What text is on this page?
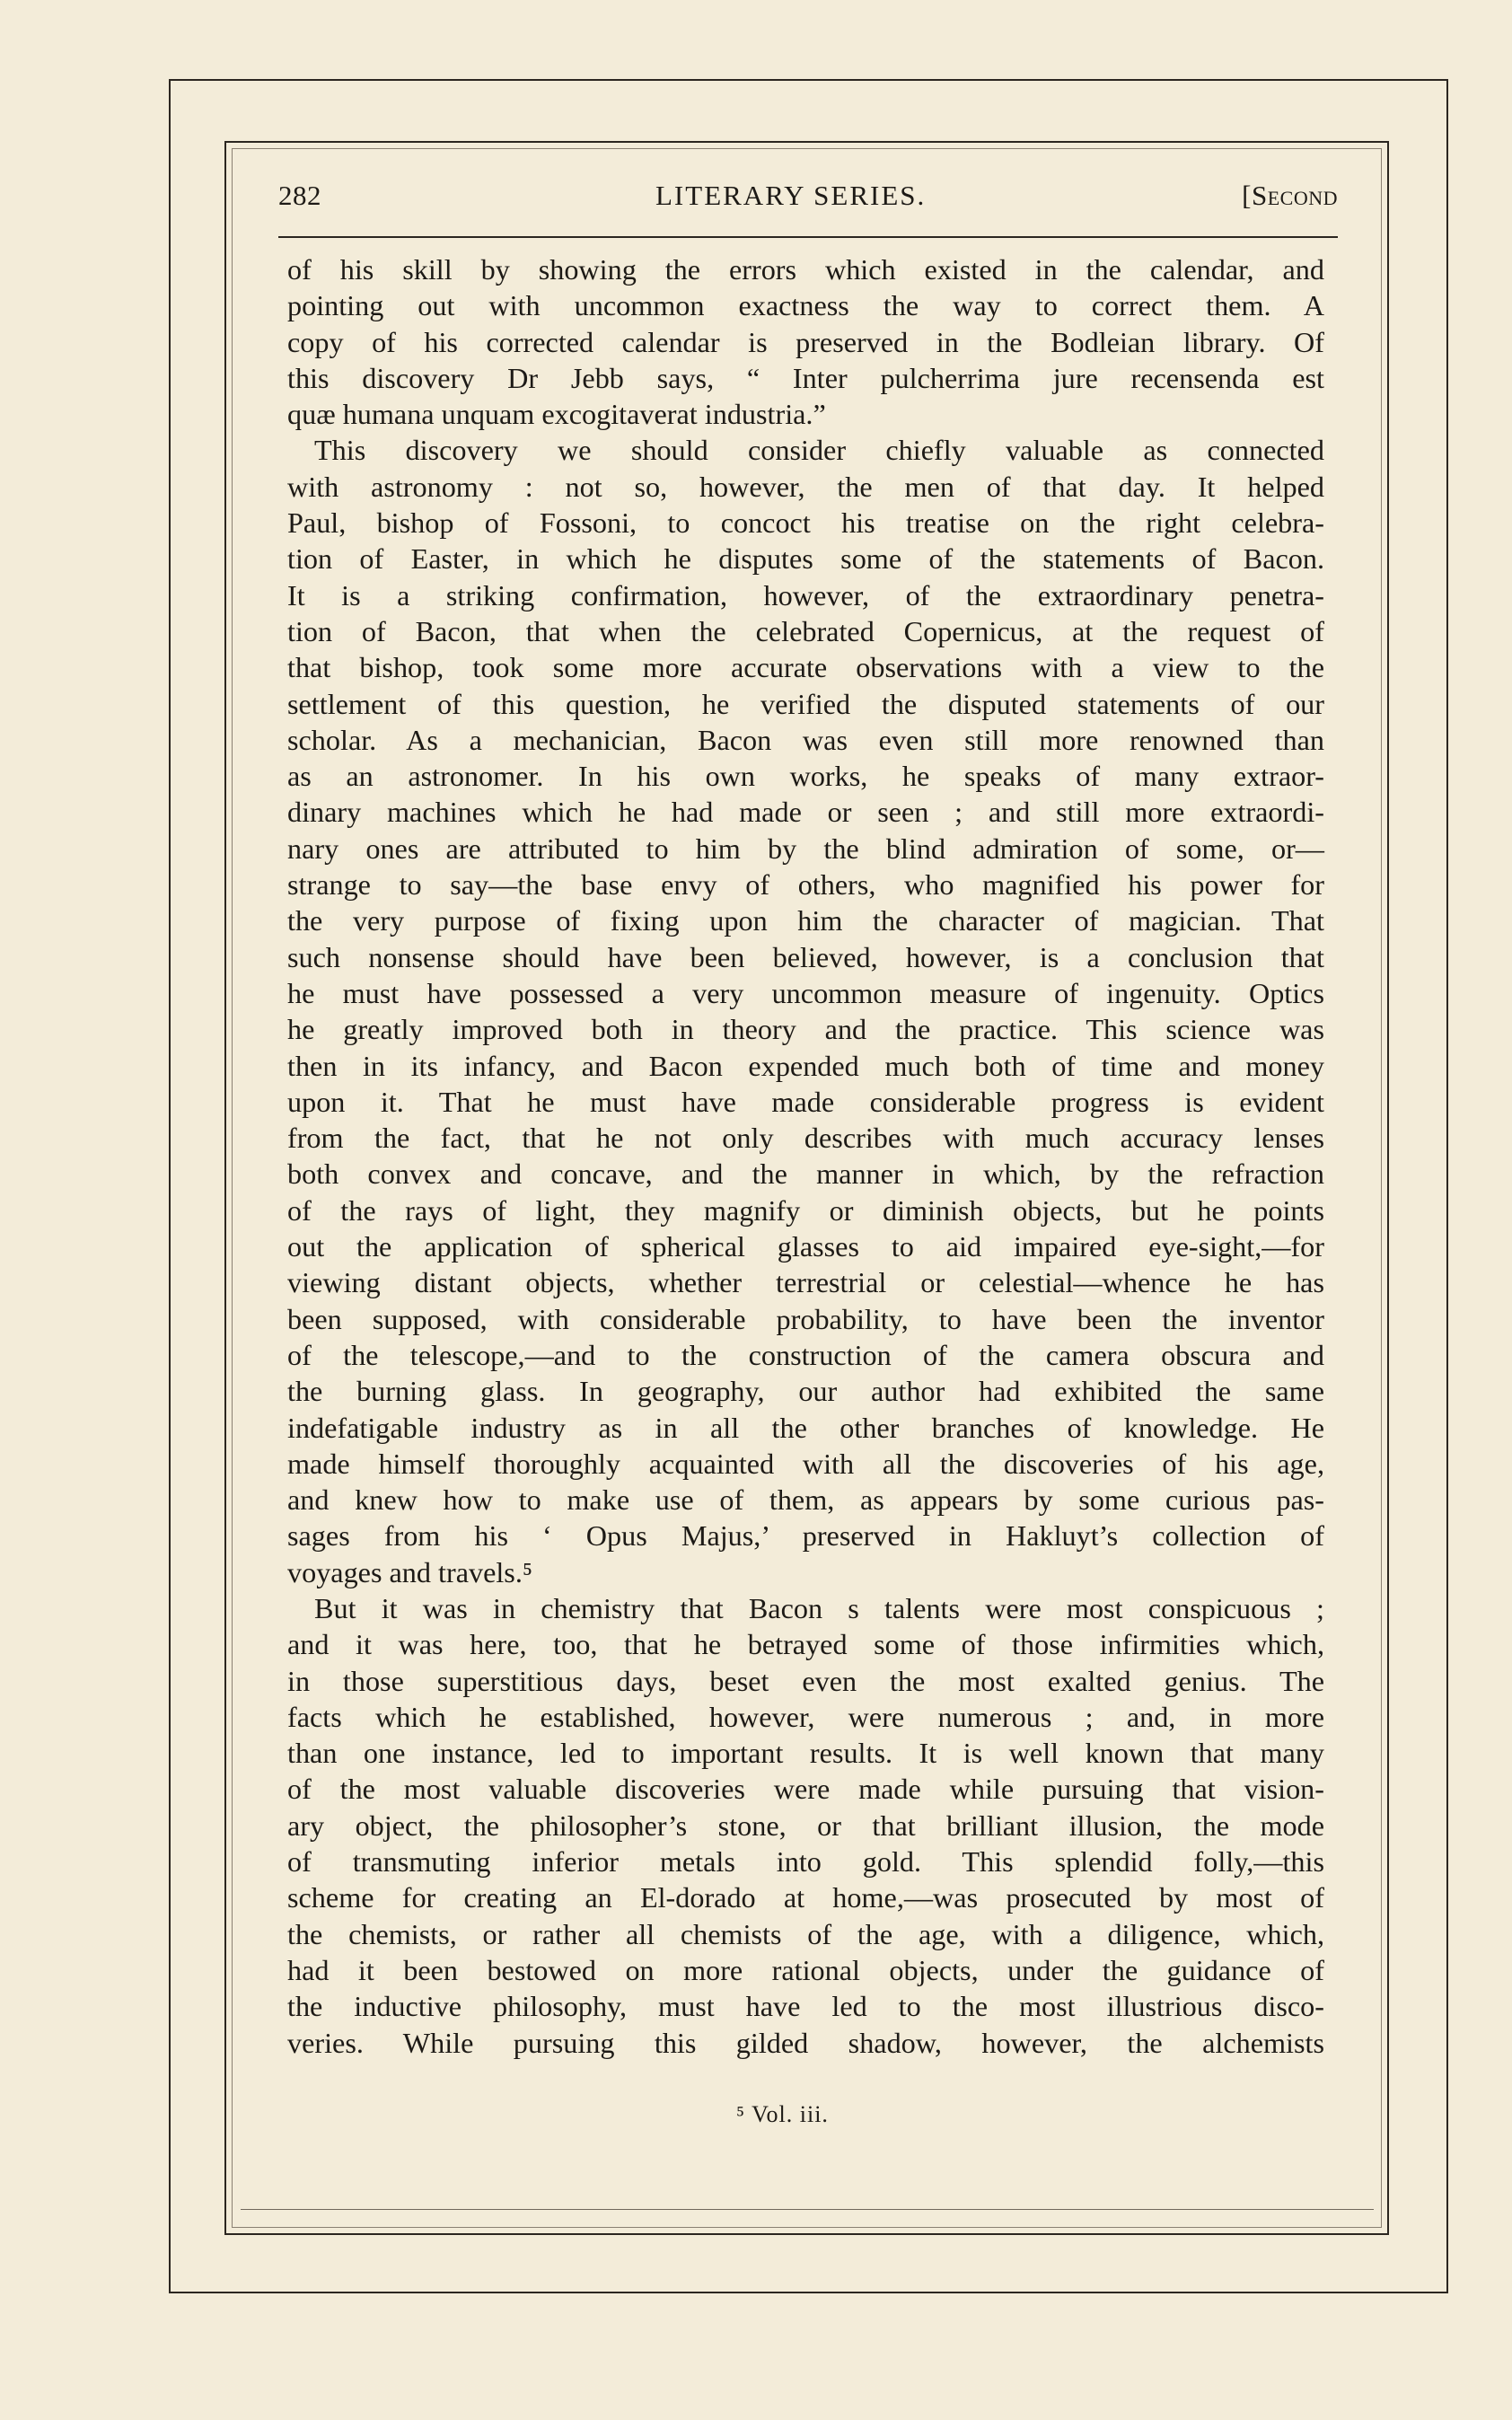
282	LITERARY SERIES.	[Second
of his skill by showing the errors which existed in the calendar, and
pointing out with uncommon exactness the way to correct them. A
copy of his corrected calendar is preserved in the Bodleian library. Of
this discovery Dr Jebb says, “ Inter pulcherrima jure recensenda est
quæ humana unquam excogitaverat industria.”
This discovery we should consider chiefly valuable as connected
with astronomy : not so, however, the men of that day. It helped
Paul, bishop of Fossoni, to concoct his treatise on the right celebra-
tion of Easter, in which he disputes some of the statements of Bacon.
It is a striking confirmation, however, of the extraordinary penetra-
tion of Bacon, that when the celebrated Copernicus, at the request of
that bishop, took some more accurate observations with a view to the
settlement of this question, he verified the disputed statements of our
scholar. As a mechanician, Bacon was even still more renowned than
as an astronomer. In his own works, he speaks of many extraor-
dinary machines which he had made or seen ; and still more extraordi-
nary ones are attributed to him by the blind admiration of some, or—
strange to say—the base envy of others, who magnified his power for
the very purpose of fixing upon him the character of magician. That
such nonsense should have been believed, however, is a conclusion that
he must have possessed a very uncommon measure of ingenuity. Optics
he greatly improved both in theory and the practice. This science was
then in its infancy, and Bacon expended much both of time and money
upon it. That he must have made considerable progress is evident
from the fact, that he not only describes with much accuracy lenses
both convex and concave, and the manner in which, by the refraction
of the rays of light, they magnify or diminish objects, but he points
out the application of spherical glasses to aid impaired eye-sight,—for
viewing distant objects, whether terrestrial or celestial—whence he has
been supposed, with considerable probability, to have been the inventor
of the telescope,—and to the construction of the camera obscura and
the burning glass. In geography, our author had exhibited the same
indefatigable industry as in all the other branches of knowledge. He
made himself thoroughly acquainted with all the discoveries of his age,
and knew how to make use of them, as appears by some curious pas-
sages from his ‘ Opus Majus,’ preserved in Hakluyt’s collection of
voyages and travels.⁵
But it was in chemistry that Bacon s talents were most conspicuous ;
and it was here, too, that he betrayed some of those infirmities which,
in those superstitious days, beset even the most exalted genius. The
facts which he established, however, were numerous ; and, in more
than one instance, led to important results. It is well known that many
of the most valuable discoveries were made while pursuing that vision-
ary object, the philosopher’s stone, or that brilliant illusion, the mode
of transmuting inferior metals into gold. This splendid folly,—this
scheme for creating an El-dorado at home,—was prosecuted by most of
the chemists, or rather all chemists of the age, with a diligence, which,
had it been bestowed on more rational objects, under the guidance of
the inductive philosophy, must have led to the most illustrious disco-
veries. While pursuing this gilded shadow, however, the alchemists
⁵ Vol. iii.
